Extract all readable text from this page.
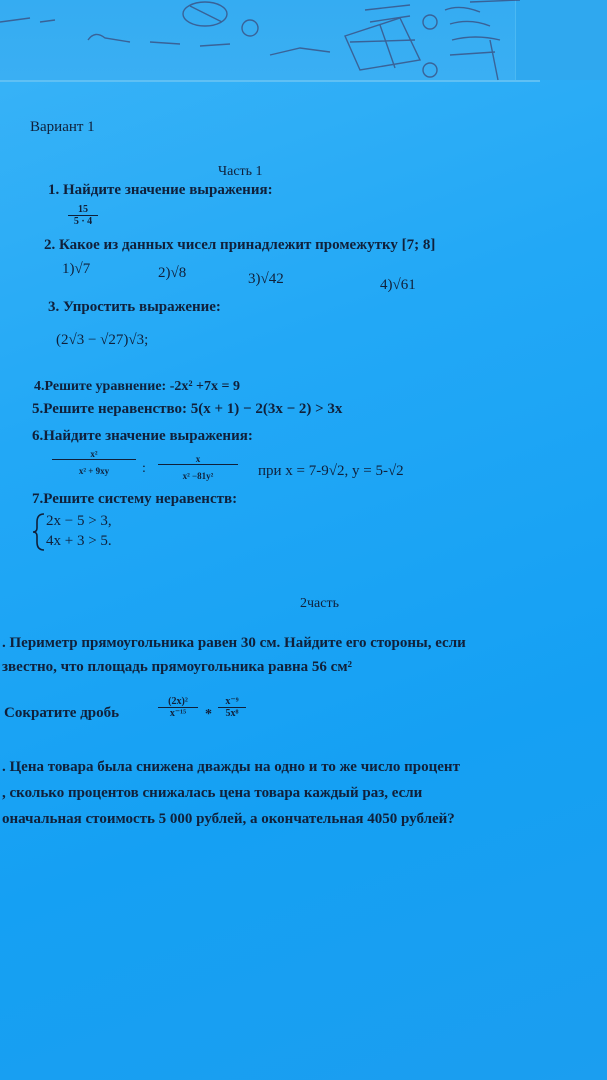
Вариант 1
Часть 1
1. Найдите значение выражения:
$\frac{15}{5 \cdot 4}$
2. Какое из данных чисел принадлежит промежутку [7; 8]
1)√7	2)√8	3)√42	4)√61
3. Упростить выражение:
(2√3 − √27)√3;
4.Решите уравнение: -2x² +7x = 9
5.Решите неравенство: 5(x + 1) − 2(3x − 2) > 3x
6.Найдите значение выражения:
$\frac{\text{x²}}{\text{x² + 9xy}}$ : $\frac{x}{\text{x² −81y²}}$ при x = 7-9√2, y = 5-√2
7.Решите систему неравенств:
2x − 5 > 3,
4x + 3 > 5.
2часть
. Периметр прямоугольника равен 30 см. Найдите его стороны, если
звестно, что площадь прямоугольника равна 56 см²
Сократите дробь	$\frac{\text{(2x)²}}{\text{x⁻¹⁵}} * \frac{\text{x⁻⁹}}{\text{5x⁸}}$
. Цена товара была снижена дважды на одно и то же число процент
, сколько процентов снижалась цена товара каждый раз, если
оначальная стоимость 5 000 рублей, а окончательная 4050 рублей?
